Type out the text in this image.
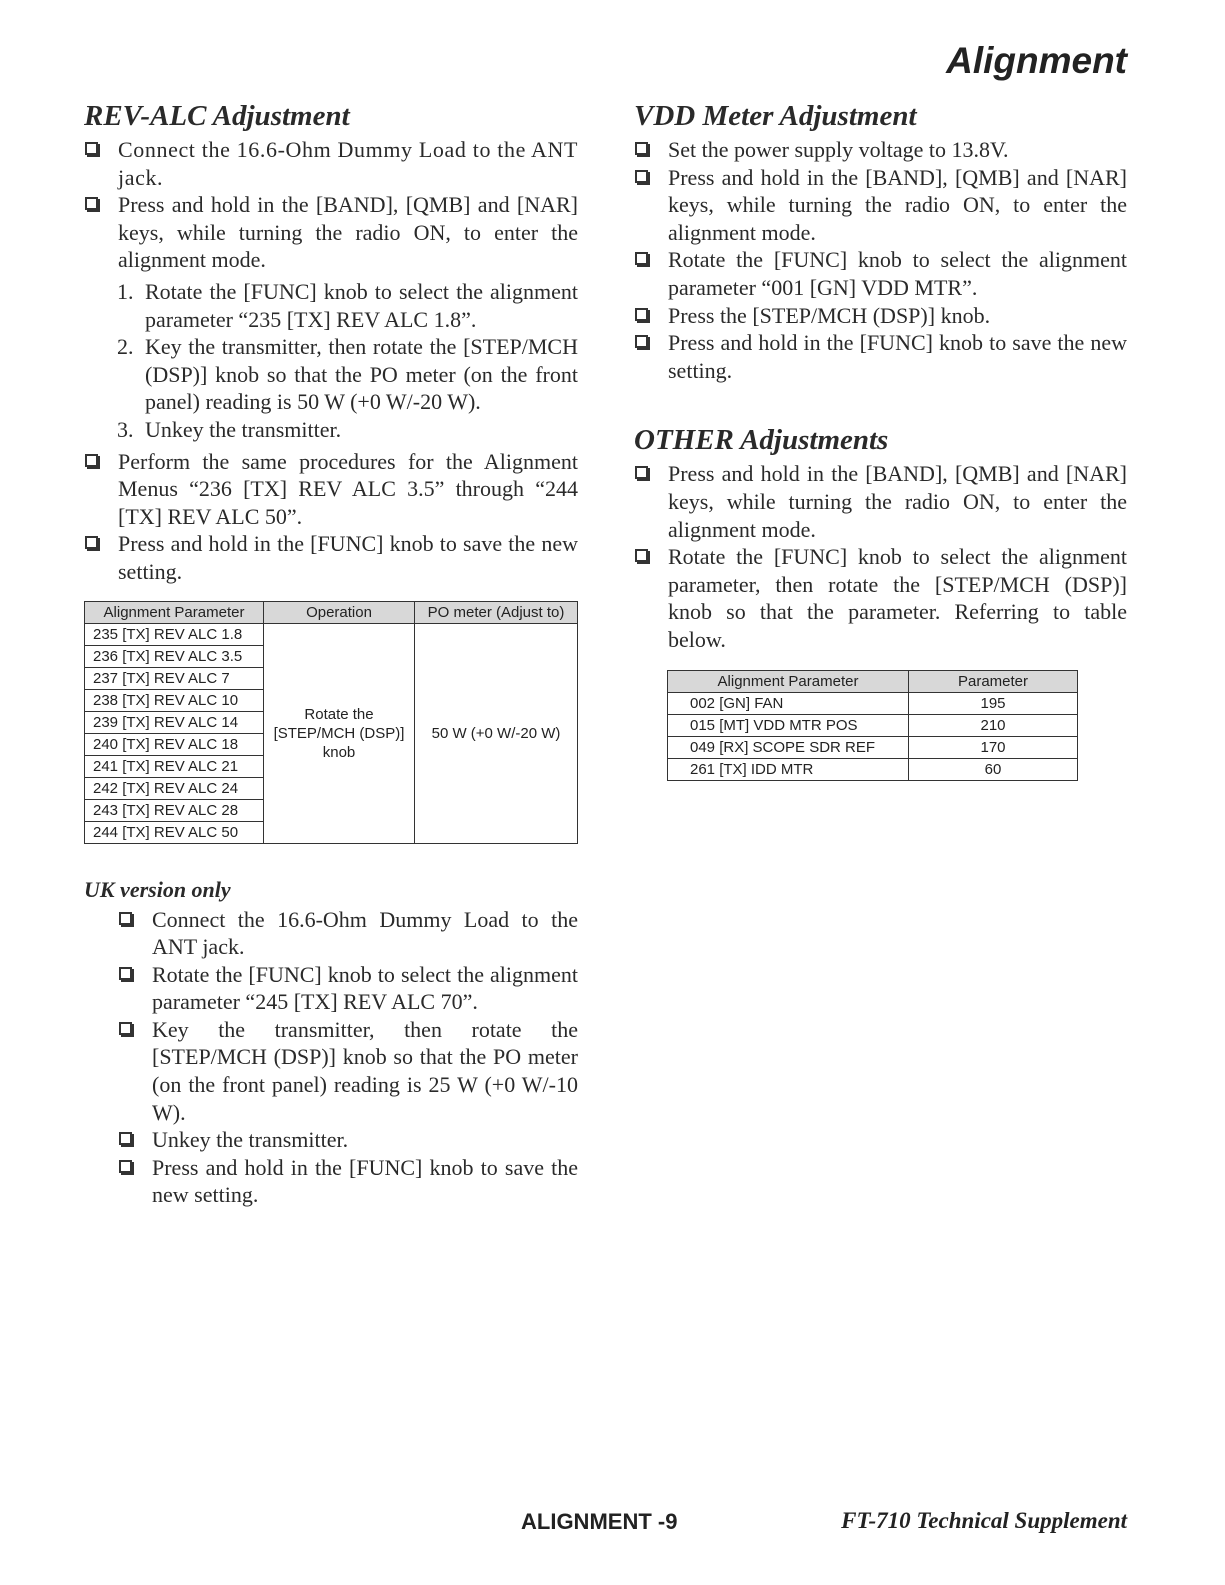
Alignment
REV-ALC Adjustment
Connect the 16.6-Ohm Dummy Load to the ANT jack.
Press and hold in the [BAND], [QMB] and [NAR] keys, while turning the radio ON, to enter the alignment mode.
1. Rotate the [FUNC] knob to select the alignment parameter “235 [TX] REV ALC 1.8”.
2. Key the transmitter, then rotate the [STEP/MCH (DSP)] knob so that the PO meter (on the front panel) reading is 50 W (+0 W/-20 W).
3. Unkey the transmitter.
Perform the same procedures for the Alignment Menus “236 [TX] REV ALC 3.5” through “244 [TX] REV ALC 50”.
Press and hold in the [FUNC] knob to save the new setting.
Alignment Parameter	Operation	PO meter (Adjust to)
235 [TX] REV ALC 1.8	Rotate the
[STEP/MCH (DSP)]
knob	50 W (+0 W/-20 W)
236 [TX] REV ALC 3.5		
237 [TX] REV ALC 7		
238 [TX] REV ALC 10		
239 [TX] REV ALC 14		
240 [TX] REV ALC 18		
241 [TX] REV ALC 21		
242 [TX] REV ALC 24		
243 [TX] REV ALC 28		
244 [TX] REV ALC 50		
UK version only
Connect the 16.6-Ohm Dummy Load to the ANT jack.
Rotate the [FUNC] knob to select the alignment parameter “245 [TX] REV ALC 70”.
Key the transmitter, then rotate the [STEP/MCH (DSP)] knob so that the PO meter (on the front panel) reading is 25 W (+0 W/-10 W).
Unkey the transmitter.
Press and hold in the [FUNC] knob to save the new setting.
VDD Meter Adjustment
Set the power supply voltage to 13.8V.
Press and hold in the [BAND], [QMB] and [NAR] keys, while turning the radio ON, to enter the alignment mode.
Rotate the [FUNC] knob to select the alignment parameter “001 [GN] VDD MTR”.
Press the [STEP/MCH (DSP)] knob.
Press and hold in the [FUNC] knob to save the new setting.
OTHER Adjustments
Press and hold in the [BAND], [QMB] and [NAR] keys, while turning the radio ON, to enter the alignment mode.
Rotate the [FUNC] knob to select the alignment parameter, then rotate the [STEP/MCH (DSP)] knob so that the parameter. Referring to table below.
Alignment Parameter	Parameter
002 [GN] FAN	195
015 [MT] VDD MTR POS	210
049 [RX] SCOPE SDR REF	170
261 [TX] IDD MTR	60
ALIGNMENT -9	FT-710 Technical Supplement
